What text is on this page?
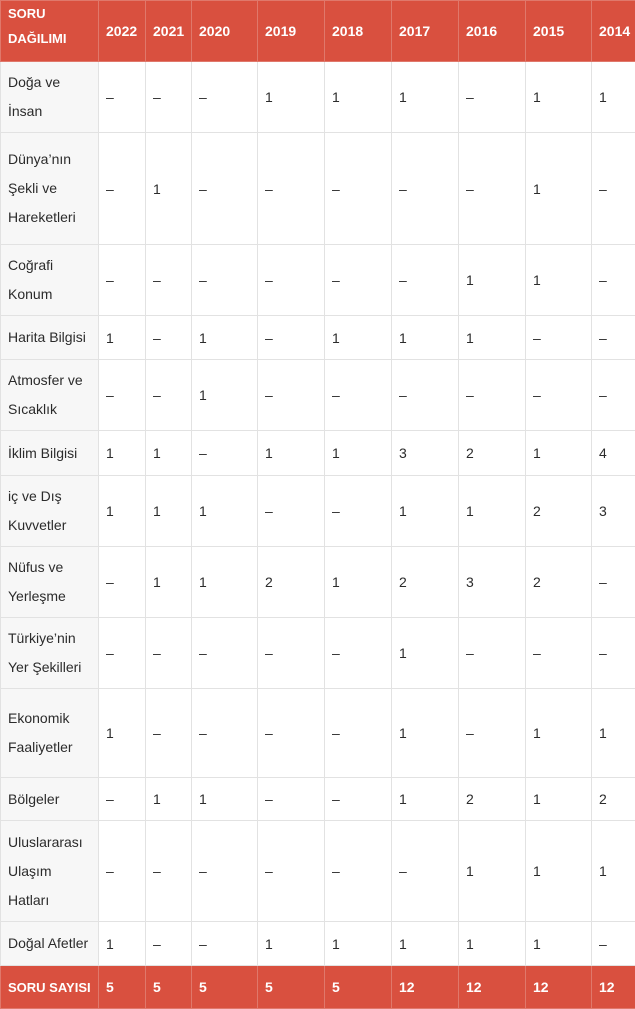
SORU DAĞILIMI	2022	2021	2020	2019	2018	2017	2016	2015	2014
Doğa ve İnsan	–	–	–	1	1	1	–	1	1
Dünya’nın Şekli ve Hareketleri	–	1	–	–	–	–	–	1	–
Coğrafi Konum	–	–	–	–	–	–	1	1	–
Harita Bilgisi	1	–	1	–	1	1	1	–	–
Atmosfer ve Sıcaklık	–	–	1	–	–	–	–	–	–
İklim Bilgisi	1	1	–	1	1	3	2	1	4
iç ve Dış Kuvvetler	1	1	1	–	–	1	1	2	3
Nüfus ve Yerleşme	–	1	1	2	1	2	3	2	–
Türkiye’nin Yer Şekilleri	–	–	–	–	–	1	–	–	–
Ekonomik Faaliyetler	1	–	–	–	–	1	–	1	1
Bölgeler	–	1	1	–	–	1	2	1	2
Uluslararası Ulaşım Hatları	–	–	–	–	–	–	1	1	1
Doğal Afetler	1	–	–	1	1	1	1	1	–
SORU SAYISI	5	5	5	5	5	12	12	12	12
